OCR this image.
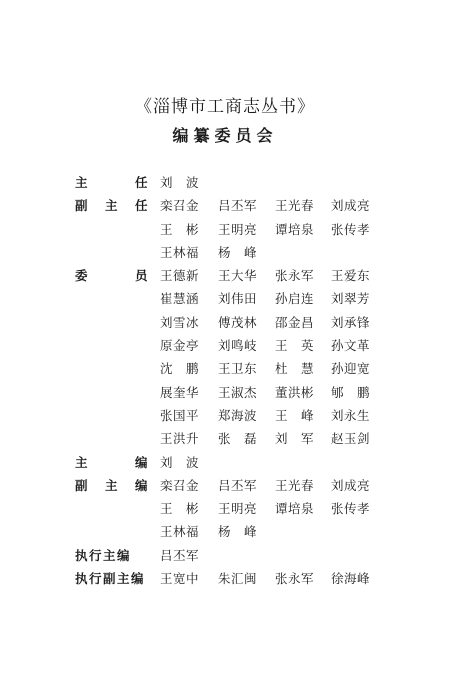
《淄博市工商志丛书》
编纂委员会
主	任 刘　波
副 主 任 栾召金	吕丕军	王光春	刘成亮
王　彬	王明亮	谭培泉	张传孝
王林福	杨　峰
委	员 王德新	王大华	张永军	王爱东
崔慧涵	刘伟田	孙启连	刘翠芳
刘雪冰	傅茂林	邵金昌	刘承锋
原金亭	刘鸣岐	王　英	孙文革
沈　鹏	王卫东	杜　慧	孙迎宽
展奎华	王淑杰	董洪彬	郇　鹏
张国平	郑海波	王　峰	刘永生
王洪升	张　磊	刘　军	赵玉剑
主	编 刘　波
副 主 编 栾召金	吕丕军	王光春	刘成亮
王　彬	王明亮	谭培泉	张传孝
王林福	杨　峰
执 行 主 编 吕丕军
执 行 副 主 编 王宽中	朱汇闽	张永军	徐海峰
